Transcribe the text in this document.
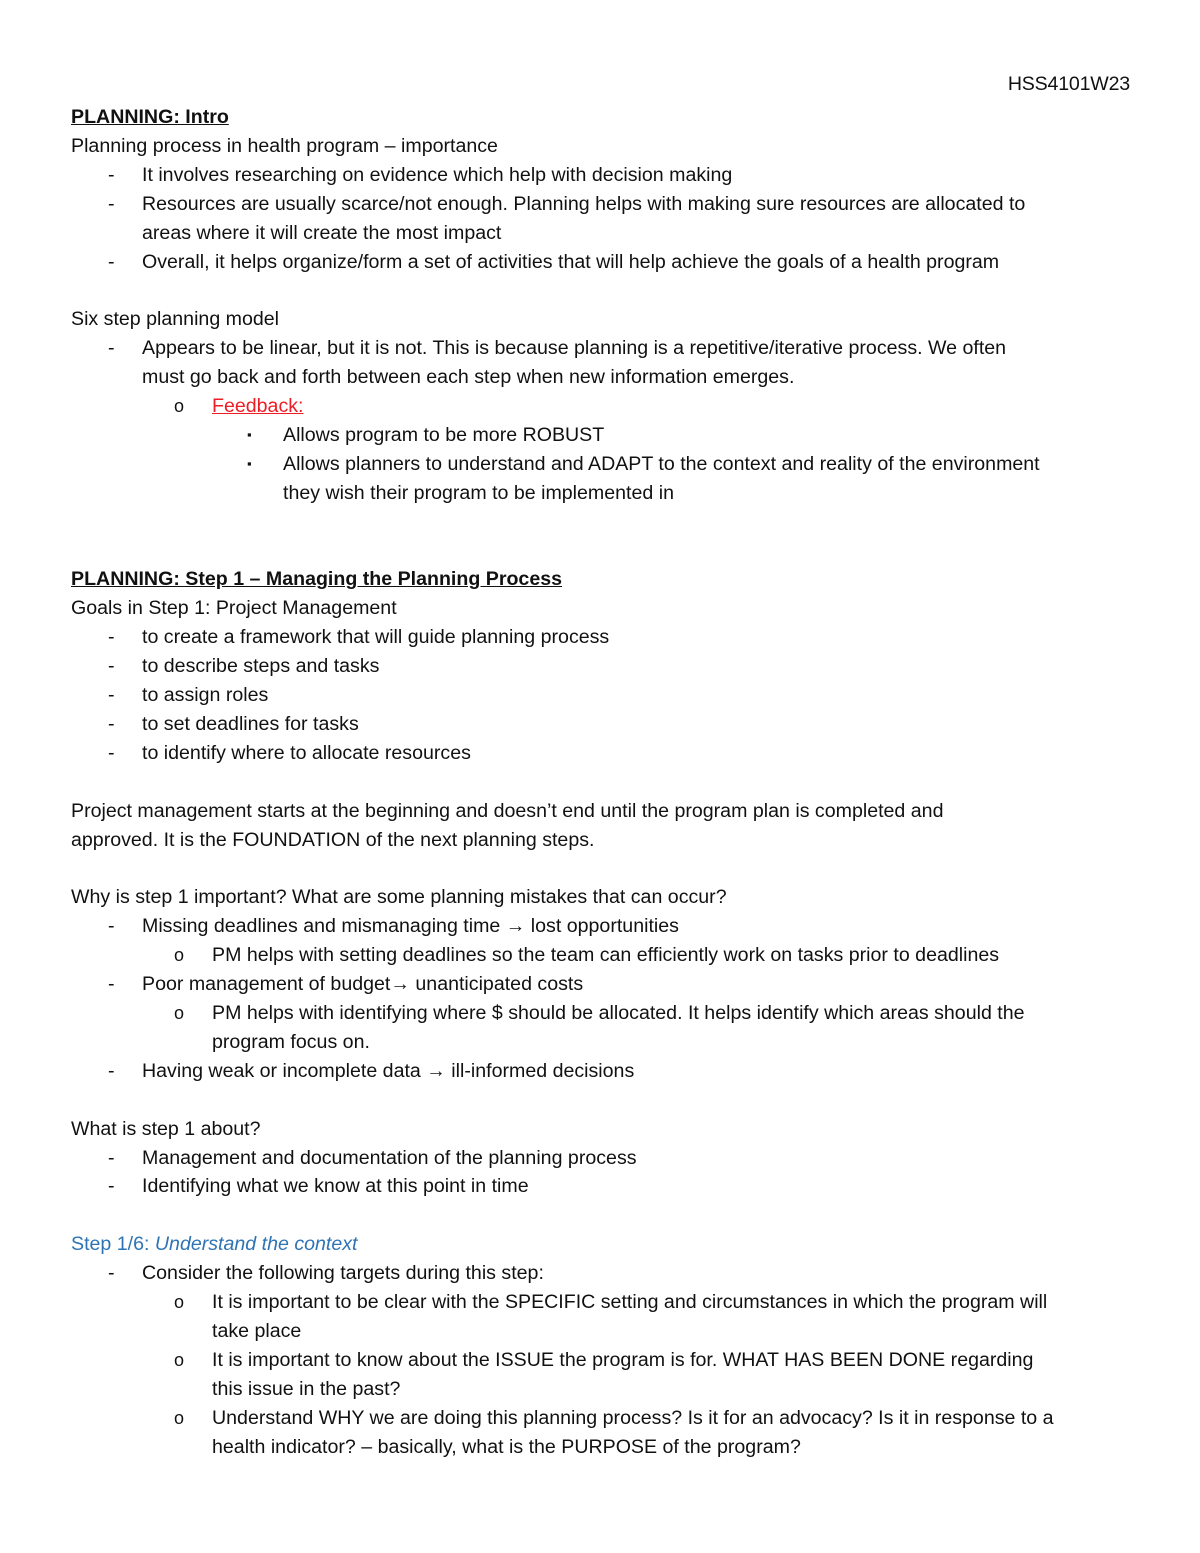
HSS4101W23

PLANNING: Intro

Planning process in health program – importance

- It involves researching on evidence which help with decision making

- Resources are usually scarce/not enough. Planning helps with making sure resources are allocated to

areas where it will create the most impact

- Overall, it helps organize/form a set of activities that will help achieve the goals of a health program

Six step planning model

- Appears to be linear, but it is not. This is because planning is a repetitive/iterative process. We often

must go back and forth between each step when new information emerges.

o Feedback:

▪ Allows program to be more ROBUST

▪ Allows planners to understand and ADAPT to the context and reality of the environment

they wish their program to be implemented in

PLANNING: Step 1 – Managing the Planning Process

Goals in Step 1: Project Management

- to create a framework that will guide planning process

- to describe steps and tasks

- to assign roles

- to set deadlines for tasks

- to identify where to allocate resources

Project management starts at the beginning and doesn’t end until the program plan is completed and

approved. It is the FOUNDATION of the next planning steps.

Why is step 1 important? What are some planning mistakes that can occur?

- Missing deadlines and mismanaging time → lost opportunities

o PM helps with setting deadlines so the team can efficiently work on tasks prior to deadlines

- Poor management of budget→ unanticipated costs

o PM helps with identifying where $ should be allocated. It helps identify which areas should the

program focus on.

- Having weak or incomplete data → ill-informed decisions

What is step 1 about?

- Management and documentation of the planning process

- Identifying what we know at this point in time

Step 1/6: Understand the context

- Consider the following targets during this step:

o It is important to be clear with the SPECIFIC setting and circumstances in which the program will

take place

o It is important to know about the ISSUE the program is for. WHAT HAS BEEN DONE regarding

this issue in the past?

o Understand WHY we are doing this planning process? Is it for an advocacy? Is it in response to a

health indicator? – basically, what is the PURPOSE of the program?
